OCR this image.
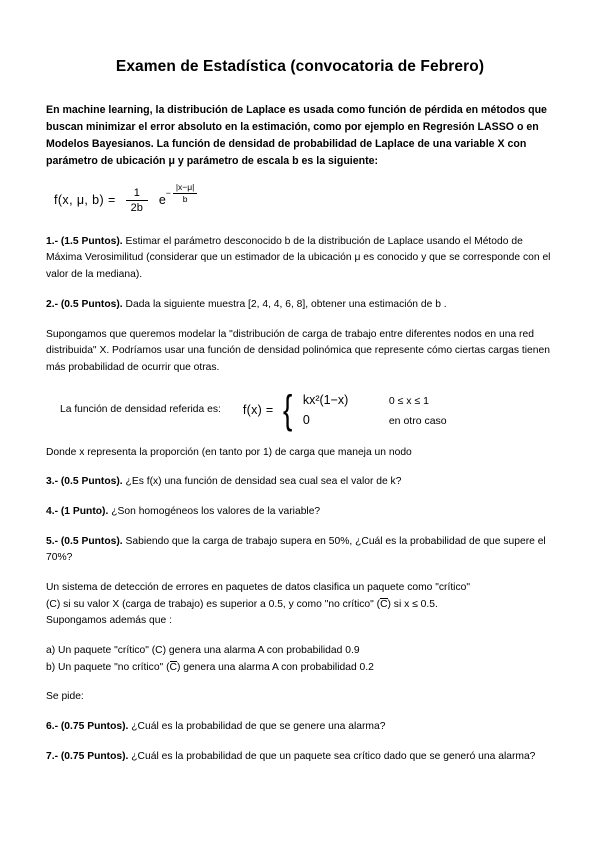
Examen de Estadística (convocatoria de Febrero)

En machine learning, la distribución de Laplace es usada como función de pérdida en métodos que buscan minimizar el error absoluto en la estimación, como por ejemplo en Regresión LASSO o en Modelos Bayesianos. La función de densidad de probabilidad de Laplace de una variable X con parámetro de ubicación μ y parámetro de escala b es la siguiente:

f(x, μ, $b) = \frac{1}{2b}$ $e - \frac{|x-\mu|}{b}$

1.- (1.5 Puntos). Estimar el parámetro desconocido b de la distribución de Laplace usando el Método de Máxima Verosimilitud (considerar que un estimador de la ubicación μ es conocido y que se corresponde con el valor de la mediana).

2.- (0.5 Puntos). Dada la siguiente muestra [2, 4, 4, 6, 8], obtener una estimación de b .

Supongamos que queremos modelar la "distribución de carga de trabajo entre diferentes nodos en una red distribuida" X. Podríamos usar una función de densidad polinómica que represente cómo ciertas cargas tienen más probabilidad de ocurrir que otras.

La función de densidad referida es: f(x) = { kx²(1−x)	0 ≤ x ≤ 1
0	en otro caso

Donde x representa la proporción (en tanto por 1) de carga que maneja un nodo

3.- (0.5 Puntos). ¿Es f(x) una función de densidad sea cual sea el valor de k?

4.- (1 Punto). ¿Son homogéneos los valores de la variable?

5.- (0.5 Puntos). Sabiendo que la carga de trabajo supera en 50%, ¿Cuál es la probabilidad de que supere el 70%?

Un sistema de detección de errores en paquetes de datos clasifica un paquete como "crítico"

(C) si su valor X (carga de trabajo) es superior a 0.5, y como "no crítico" (C) si x ≤ 0.5.

Supongamos además que :

a) Un paquete "crítico" (C) genera una alarma A con probabilidad 0.9

b) Un paquete "no crítico" (C) genera una alarma A con probabilidad 0.2

Se pide:

6.- (0.75 Puntos). ¿Cuál es la probabilidad de que se genere una alarma?

7.- (0.75 Puntos). ¿Cuál es la probabilidad de que un paquete sea crítico dado que se generó una alarma?
